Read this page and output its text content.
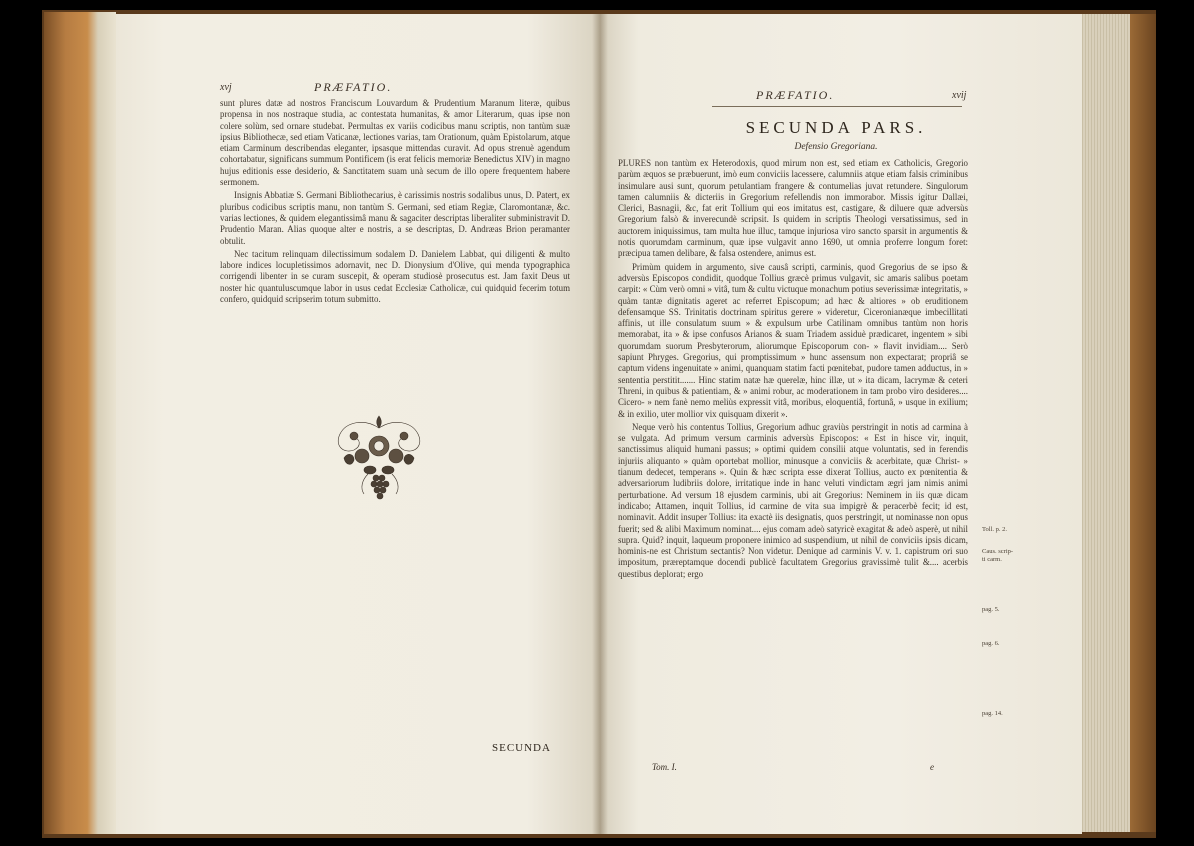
xvj	PRÆFATIO.

sunt plures datæ ad nostros Franciscum Louvardum & Prudentium Maranum literæ, quibus propensa in nos nostraque studia, ac contestata humanitas, & amor Literarum, quas ipse non colere solùm, sed ornare studebat. Permultas ex variis codicibus manu scriptis, non tantùm suæ ipsius Bibliothecæ, sed etiam Vaticanæ, lectiones varias, tam Orationum, quàm Epistolarum, atque etiam Carminum describendas eleganter, ipsasque mittendas curavit. Ad opus strenuè agendum cohortabatur, significans summum Pontificem (is erat felicis memoriæ Benedictus XIV) in magno hujus editionis esse desiderio, & Sanctitatem suam unà secum de illo opere frequentem habere sermonem.

Insignis Abbatiæ S. Germani Bibliothecarius, è carissimis nostris sodalibus unus, D. Patert, ex pluribus codicibus scriptis manu, non tantùm S. Germani, sed etiam Regiæ, Claromontanæ, &c. varias lectiones, & quidem elegantissimâ manu & sagaciter descriptas liberaliter subministravit D. Prudentio Maran. Alias quoque alter e nostris, a se descriptas, D. Andræas Brion peramanter obtulit.

Nec tacitum relinquam dilectissimum sodalem D. Danielem Labbat, qui diligenti & multo labore indices locupletissimos adornavit, nec D. Dionysium d'Olive, qui menda typographica corrigendi libenter in se curam suscepit, & operam studiosè prosecutus est. Jam faxit Deus ut noster hic quantuluscumque labor in usus cedat Ecclesiæ Catholicæ, cui quidquid fecerim totum confero, quidquid scripserim totum submitto.

SECUNDA
PRÆFATIO.	xvij
SECUNDA PARS.
Defensio Gregoriana.

PLURES non tantùm ex Heterodoxis, quod mirum non est, sed etiam ex Catholicis, Gregorio parùm æquos se præbuerunt, imò eum conviciis lacessere, calumniis atque etiam falsis criminibus insimulare ausi sunt, quorum petulantiam frangere & contumelias juvat retundere. Singulorum tamen calumniis & dicteriis in Gregorium refellendis non immorabor. Missis igitur Dallæi, Clerici, Basnagii, &c, fat erit Tollium qui eos imitatus est, castigare, & diluere quæ adversùs Gregorium falsò & inverecundè scripsit. Is quidem in scriptis Theologi versatissimus, sed in auctorem iniquissimus, tam multa hue illuc, tamque injuriosa viro sancto sparsit in argumentis & notis quorumdam carminum, quæ ipse vulgavit anno 1690, ut omnia proferre longum foret: præcipua tamen delibare, & falsa ostendere, animus est.

Primùm quidem in argumento, sive causâ scripti, carminis, quod Gregorius de se ipso & adversùs Episcopos condidit, quodque Tollius græcè primus vulgavit, sic amaris salibus poetam carpit: « Cùm verò omni » vitâ, tum & cultu victuque monachum potius severissimæ integritatis, » quàm tantæ dignitatis ageret ac referret Episcopum; ad hæc & altiores » ob eruditionem defensamque SS. Trinitatis doctrinam spiritus gerere » videretur, Ciceronianæque imbecillitati affinis, ut ille consulatum suum » & expulsum urbe Catilinam omnibus tantùm non horis memorabat, ita » & ipse confusos Arianos & suam Triadem assiduè prædicaret, ingentem » sibi quorumdam suorum Presbyterorum, aliorumque Episcoporum con- » flavit invidiam.... Serò sapiunt Phryges. Gregorius, qui promptissimum » hunc assensum non expectarat; propriâ se captum videns ingenuitate » animi, quanquam statim facti pœnitebat, pudore tamen adductus, in » sententia perstitit....... Hinc statim natæ hæ querelæ, hinc illæ, ut » ita dicam, lacrymæ & ceteri Threni, in quibus & patientiam, & » animi robur, ac moderationem in tam probo viro desideres.... Cicero- » nem fanè nemo meliùs expressit vitâ, moribus, eloquentiâ, fortunâ, » usque in exilium; & in exilio, uter mollior vix quisquam dixerit ».

Neque verò his contentus Tollius, Gregorium adhuc graviùs perstringit in notis ad carmina à se vulgata. Ad primum versum carminis adversùs Episcopos: « Est in hisce vir, inquit, sanctissimus aliquid humani passus; » optimi quidem consilii atque voluntatis, sed in ferendis injuriis aliquanto » quàm oportebat mollior, minusque a conviciis & acerbitate, quæ Christ- » tianum dedecet, temperans ». Quin & hæc scripta esse dixerat Tollius, aucto ex pœnitentia & adversariorum ludibriis dolore, irritatique inde in hanc veluti vindictam ægri jam nimis animi perturbatione. Ad versum 18 ejusdem carminis, ubi ait Gregorius: Neminem in iis quæ dicam indicabo; Attamen, inquit Tollius, id carmine de vita sua impigrè & peracerbè fecit; id est, nominavit. Addit insuper Tollius: ita exactè iis designatis, quos perstringit, ut nominasse non opus fuerit; sed & alibi Maximum nominat.... ejus comam adeò satyricè exagitat & adeò asperè, ut nihil supra. Quid? inquit, laqueum proponere inimico ad suspendium, ut nihil de conviciis ipsis dicam, hominis-ne est Christum sectantis? Non videtur. Denique ad carminis V. v. 1. capistrum ori suo impositum, præreptamque docendi publicè facultatem Gregorius gravissimè tulit &.... acerbis questibus deplorat; ergo

Tom. I.	e
Toll. p. 2.
Caus. scrip- ti carm.
pag. 5.
pag. 6.
pag. 14.
